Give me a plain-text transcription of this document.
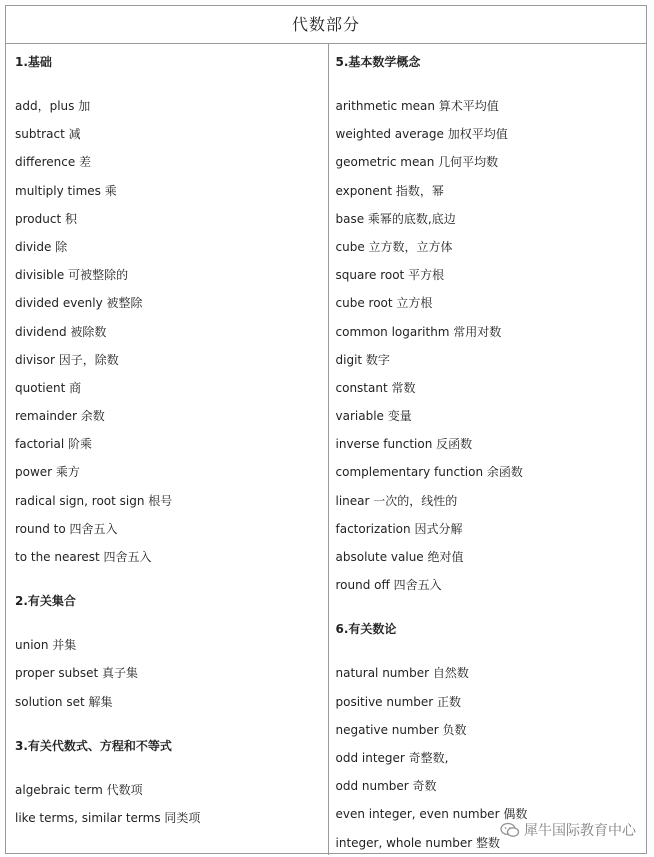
代数部分
1.基础
add，plus 加
subtract 减
difference 差
multiply times 乘
product 积
divide 除
divisible 可被整除的
divided evenly 被整除
dividend 被除数
divisor 因子，除数
quotient 商
remainder 余数
factorial 阶乘
power 乘方
radical sign, root sign 根号
round to 四舍五入
to the nearest 四舍五入
2.有关集合
union 并集
proper subset 真子集
solution set 解集
3.有关代数式、方程和不等式
algebraic term 代数项
like terms, similar terms 同类项
5.基本数学概念
arithmetic mean 算术平均值
weighted average 加权平均值
geometric mean 几何平均数
exponent 指数，幂
base 乘幂的底数,底边
cube 立方数，立方体
square root 平方根
cube root 立方根
common logarithm 常用对数
digit 数字
constant 常数
variable 变量
inverse function 反函数
complementary function 余函数
linear 一次的，线性的
factorization 因式分解
absolute value 绝对值
round off 四舍五入
6.有关数论
natural number 自然数
positive number 正数
negative number 负数
odd integer 奇整数,
odd number 奇数
even integer, even number 偶数
integer, whole number 整数
犀牛国际教育中心
